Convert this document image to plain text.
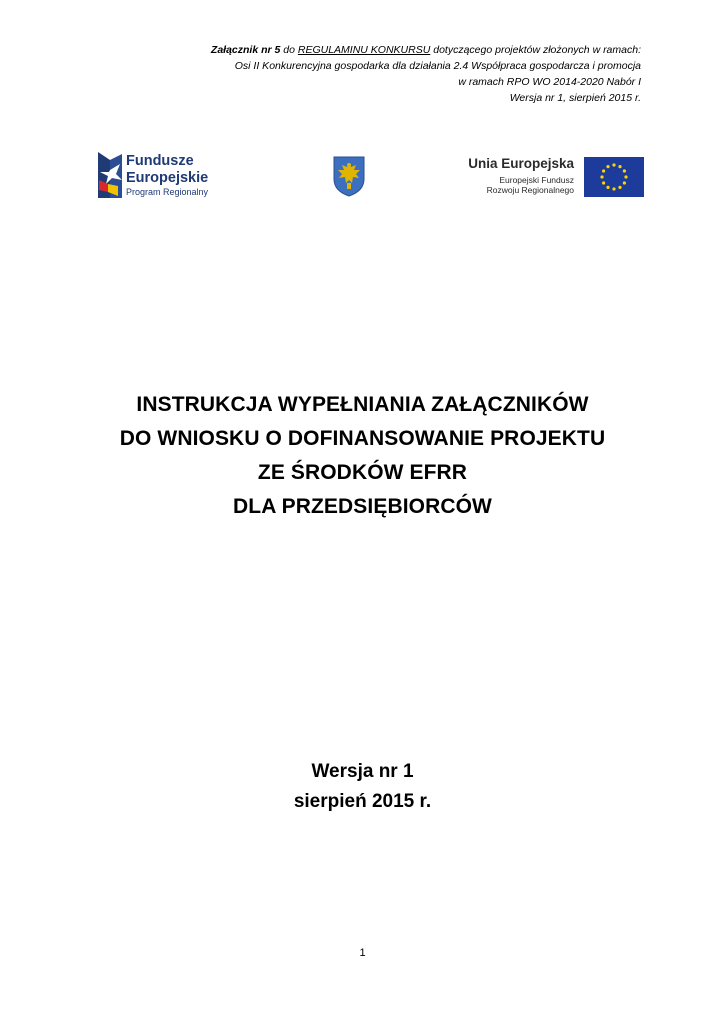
Załącznik nr 5 do REGULAMINU KONKURSU dotyczącego projektów złożonych w ramach:
Osi II Konkurencyjna gospodarka dla działania 2.4 Współpraca gospodarcza i promocja
w ramach RPO WO 2014-2020 Nabór I
Wersja nr 1, sierpień 2015 r.
Fundusze
Europejskie
Program Regionalny
Unia Europejska
Europejski Fundusz
Rozwoju Regionalnego
INSTRUKCJA WYPEŁNIANIA ZAŁĄCZNIKÓW
DO WNIOSKU O DOFINANSOWANIE PROJEKTU
ZE ŚRODKÓW EFRR
DLA PRZEDSIĘBIORCÓW
Wersja nr 1
sierpień 2015 r.
1
